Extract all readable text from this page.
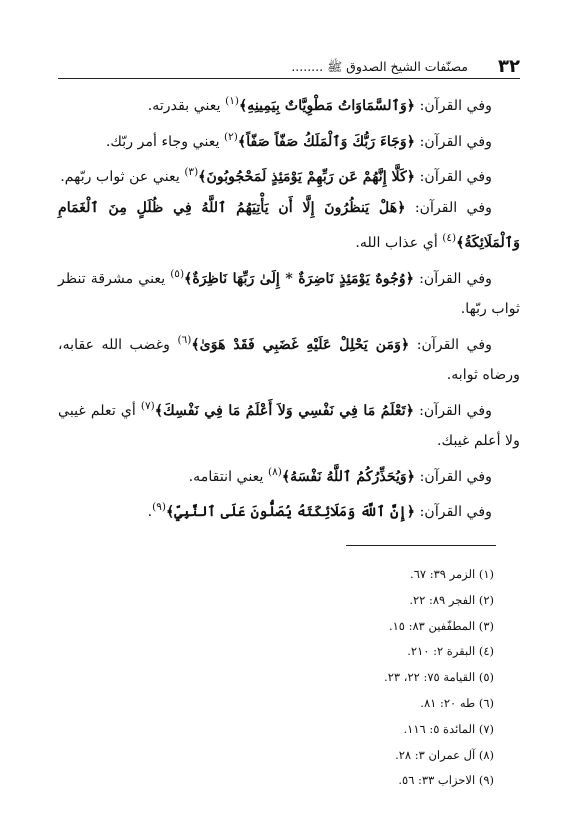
٣٢
مصنّفات الشيخ الصدوق ﷺ ........

وفي القرآن: ﴿وَٱلسَّمَاوَاتُ مَطْوِيَّاتٌ بِيَمِينِهِ﴾$^{(١)}$ يعني بقدرته.

وفي القرآن: ﴿وَجَاءَ رَبُّكَ وَٱلْمَلَكُ صَفّاً صَفّاً﴾$^{(٢)}$ يعني وجاء أمر ربّك.

وفي القرآن: ﴿كَلَّا إِنَّهُمْ عَن رَبِّهِمْ يَوْمَئِذٍ لَمَحْجُوبُونَ﴾$^{(٣)}$ يعني عن ثواب ربّهم.

وفي القرآن: ﴿هَلْ يَنظُرُونَ إِلَّا أَن يَأْتِيَهُمُ ٱللَّهُ فِي ظُلَلٍ مِنَ ٱلْغَمَامِ وَٱلْمَلَائِكَةُ﴾$^{(٤)}$ أي عذاب الله.

وفي القرآن: ﴿وُجُوهٌ يَوْمَئِذٍ نَاضِرَةٌ * إِلَىٰ رَبِّهَا نَاظِرَةٌ﴾$^{(٥)}$ يعني مشرقة تنظر ثواب ربّها.

وفي القرآن: ﴿وَمَن يَحْلِلْ عَلَيْهِ غَضَبِي فَقَدْ هَوَىٰ﴾$^{(٦)}$ وغضب الله عقابه، ورضاه ثوابه.

وفي القرآن: ﴿تَعْلَمُ مَا فِي نَفْسِي وَلاَ أَعْلَمُ مَا فِي نَفْسِكَ﴾$^{(٧)}$ أي تعلم غيبي ولا أعلم غيبك.

وفي القرآن: ﴿وَيُحَذِّرُكُمُ ٱللَّهُ نَفْسَهُ﴾$^{(٨)}$ يعني انتقامه.

وفي القرآن: ﴿إِنَّ ٱللَّهَ وَمَلَائِكَتَهُ يُصَلُّونَ عَلَى ٱلنَّبِيِّ﴾$^{(٩)}$.

(١) الزمر ٣٩: ٦٧.
(٢) الفجر ٨٩: ٢٢.
(٣) المطفّفين ٨٣: ١٥.
(٤) البقرة ٢: ٢١٠.
(٥) القيامة ٧٥: ٢٢، ٢٣.
(٦) طه ٢٠: ٨١.
(٧) المائدة ٥: ١١٦.
(٨) آل عمران ٣: ٢٨.
(٩) الاحزاب ٣٣: ٥٦.
